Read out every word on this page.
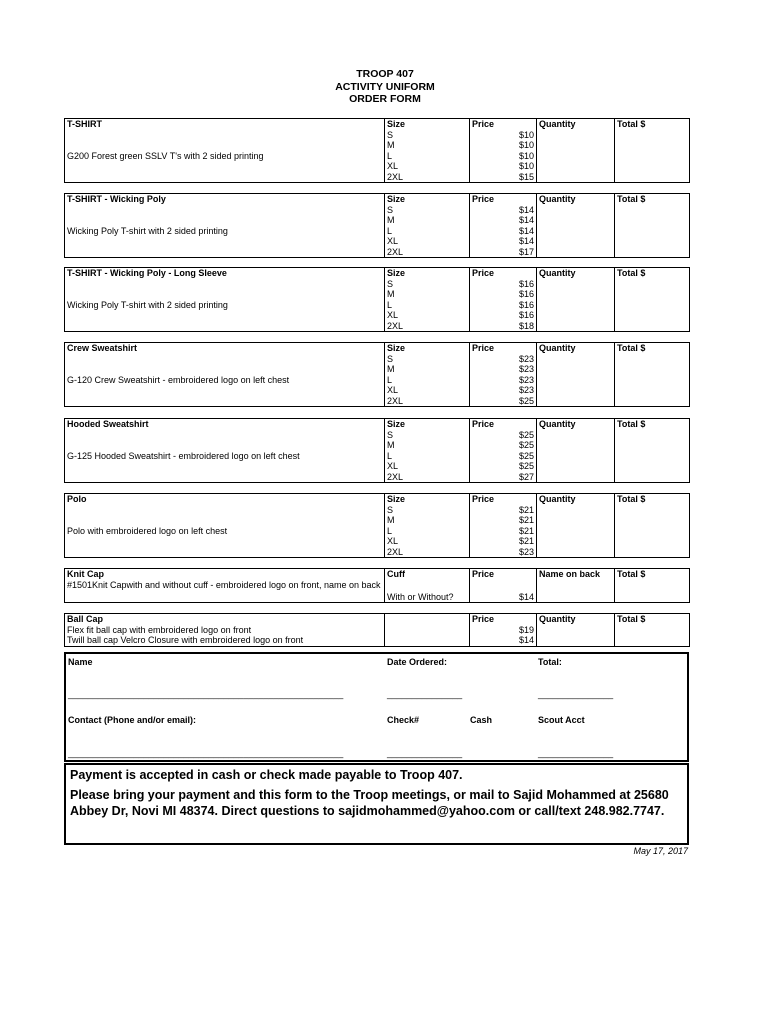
TROOP 407
ACTIVITY UNIFORM
ORDER FORM
T-SHIRT	Size	Price	Quantity	Total $
G200 Forest green SSLV T's with 2 sided printing	S	$10		
	M	$10		
	L	$10		
	XL	$10		
	2XL	$15		
T-SHIRT - Wicking Poly	Size	Price	Quantity	Total $
Wicking Poly T-shirt with 2 sided printing	S	$14		
	M	$14		
	L	$14		
	XL	$14		
	2XL	$17		
T-SHIRT - Wicking Poly - Long Sleeve	Size	Price	Quantity	Total $
Wicking Poly T-shirt with 2 sided printing	S	$16		
	M	$16		
	L	$16		
	XL	$16		
	2XL	$18		
Crew Sweatshirt	Size	Price	Quantity	Total $
G-120 Crew Sweatshirt - embroidered logo on left chest	S	$23		
	M	$23		
	L	$23		
	XL	$23		
	2XL	$25		
Hooded Sweatshirt	Size	Price	Quantity	Total $
G-125 Hooded Sweatshirt - embroidered logo on left chest	S	$25		
	M	$25		
	L	$25		
	XL	$25		
	2XL	$27		
Polo	Size	Price	Quantity	Total $
Polo with embroidered logo on left chest	S	$21		
	M	$21		
	L	$21		
	XL	$21		
	2XL	$23		
Knit Cap	Cuff	Price	Name on back	Total $
#1501Knit Capwith and without cuff - embroidered logo on front, name on back	With or Without?	$14		
Ball Cap		Price	Quantity	Total $
Flex fit ball cap with embroidered logo on front		$19		
Twill ball cap Velcro Closure with embroidered logo on front		$14		
Name	Date Ordered:	Total:
_______________________________________________________	_______________	_______________
Contact (Phone and/or email):	Check#	Cash	Scout Acct
_______________________________________________________	_______________	_______________

Payment is accepted in cash or check made payable to Troop 407.

Please bring your payment and this form to the Troop meetings, or mail to Sajid Mohammed at 25680 Abbey Dr, Novi MI 48374. Direct questions to sajidmohammed@yahoo.com or call/text 248.982.7747.

May 17, 2017
